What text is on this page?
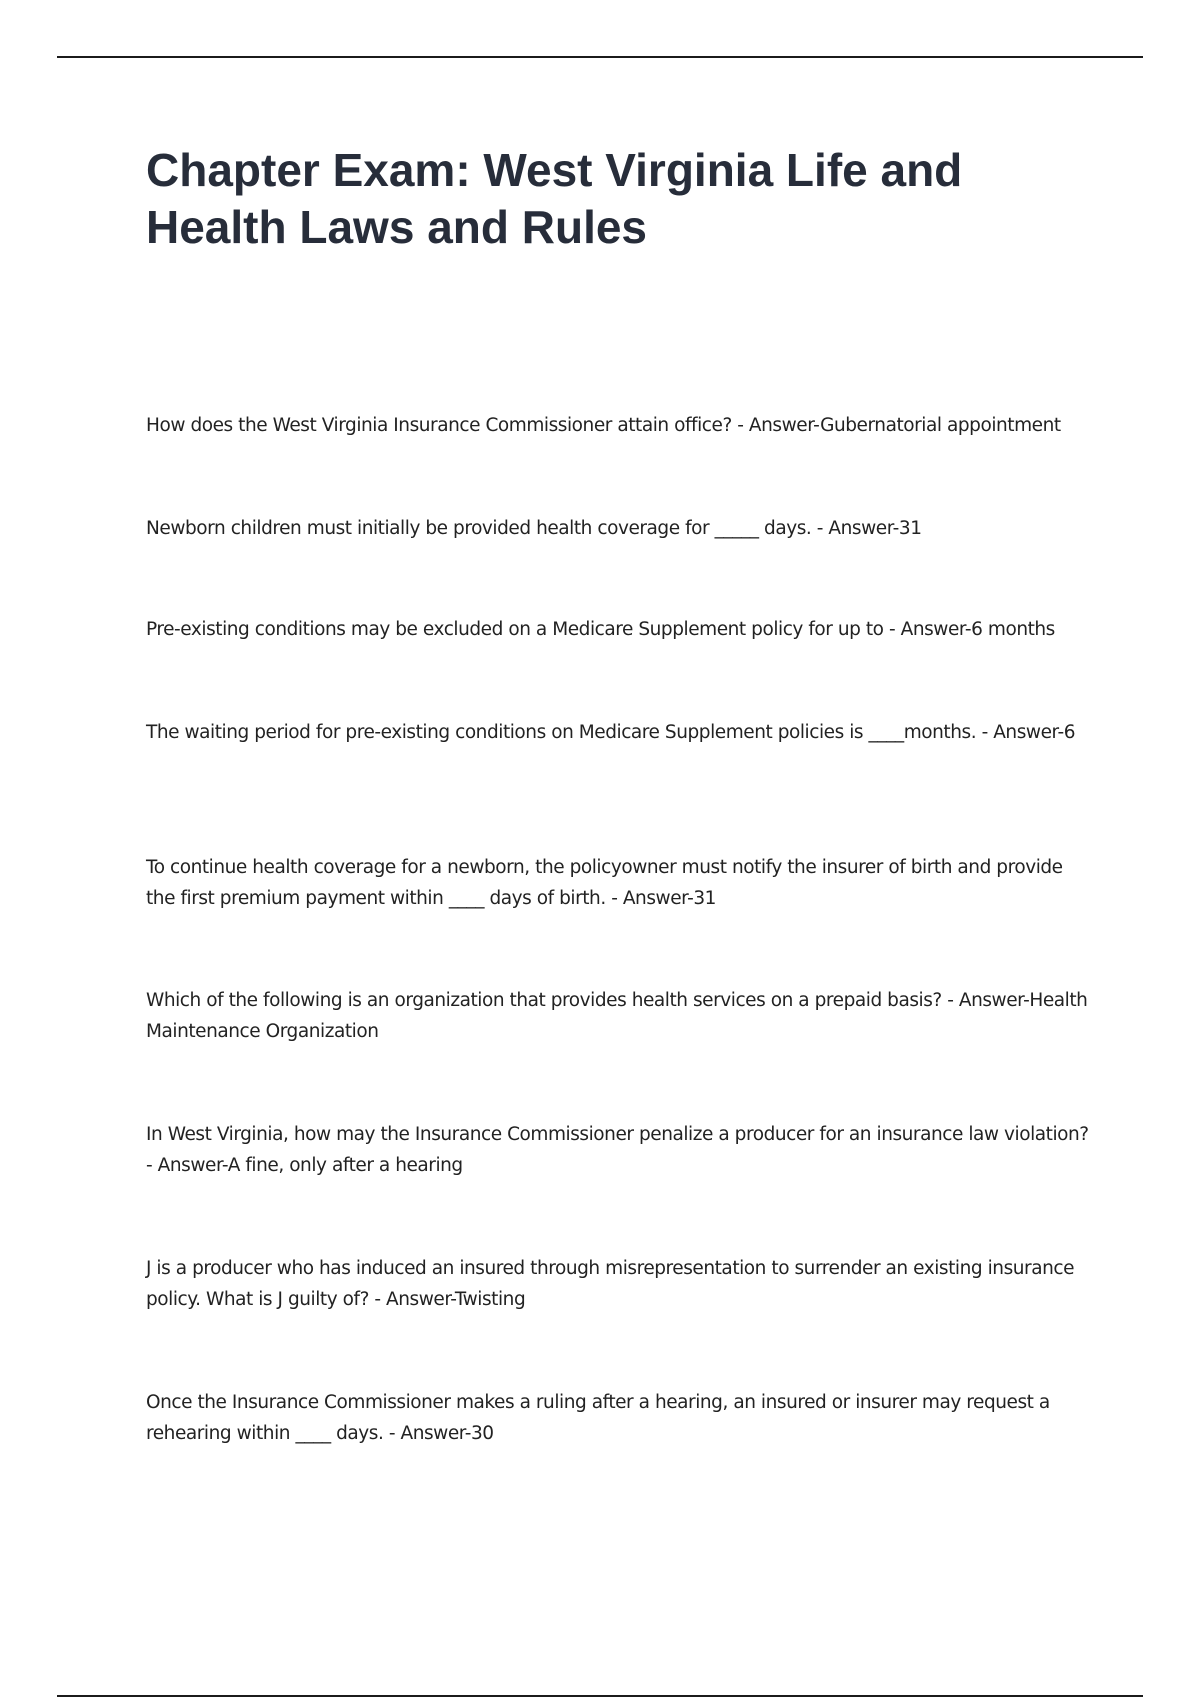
Chapter Exam: West Virginia Life and Health Laws and Rules

How does the West Virginia Insurance Commissioner attain office? - Answer-Gubernatorial appointment

Newborn children must initially be provided health coverage for _____ days. - Answer-31

Pre-existing conditions may be excluded on a Medicare Supplement policy for up to - Answer-6 months

The waiting period for pre-existing conditions on Medicare Supplement policies is ____months. - Answer-6

To continue health coverage for a newborn, the policyowner must notify the insurer of birth and provide the first premium payment within ____ days of birth. - Answer-31

Which of the following is an organization that provides health services on a prepaid basis? - Answer-Health Maintenance Organization

In West Virginia, how may the Insurance Commissioner penalize a producer for an insurance law violation? - Answer-A fine, only after a hearing

J is a producer who has induced an insured through misrepresentation to surrender an existing insurance policy. What is J guilty of? - Answer-Twisting

Once the Insurance Commissioner makes a ruling after a hearing, an insured or insurer may request a rehearing within ____ days. - Answer-30
